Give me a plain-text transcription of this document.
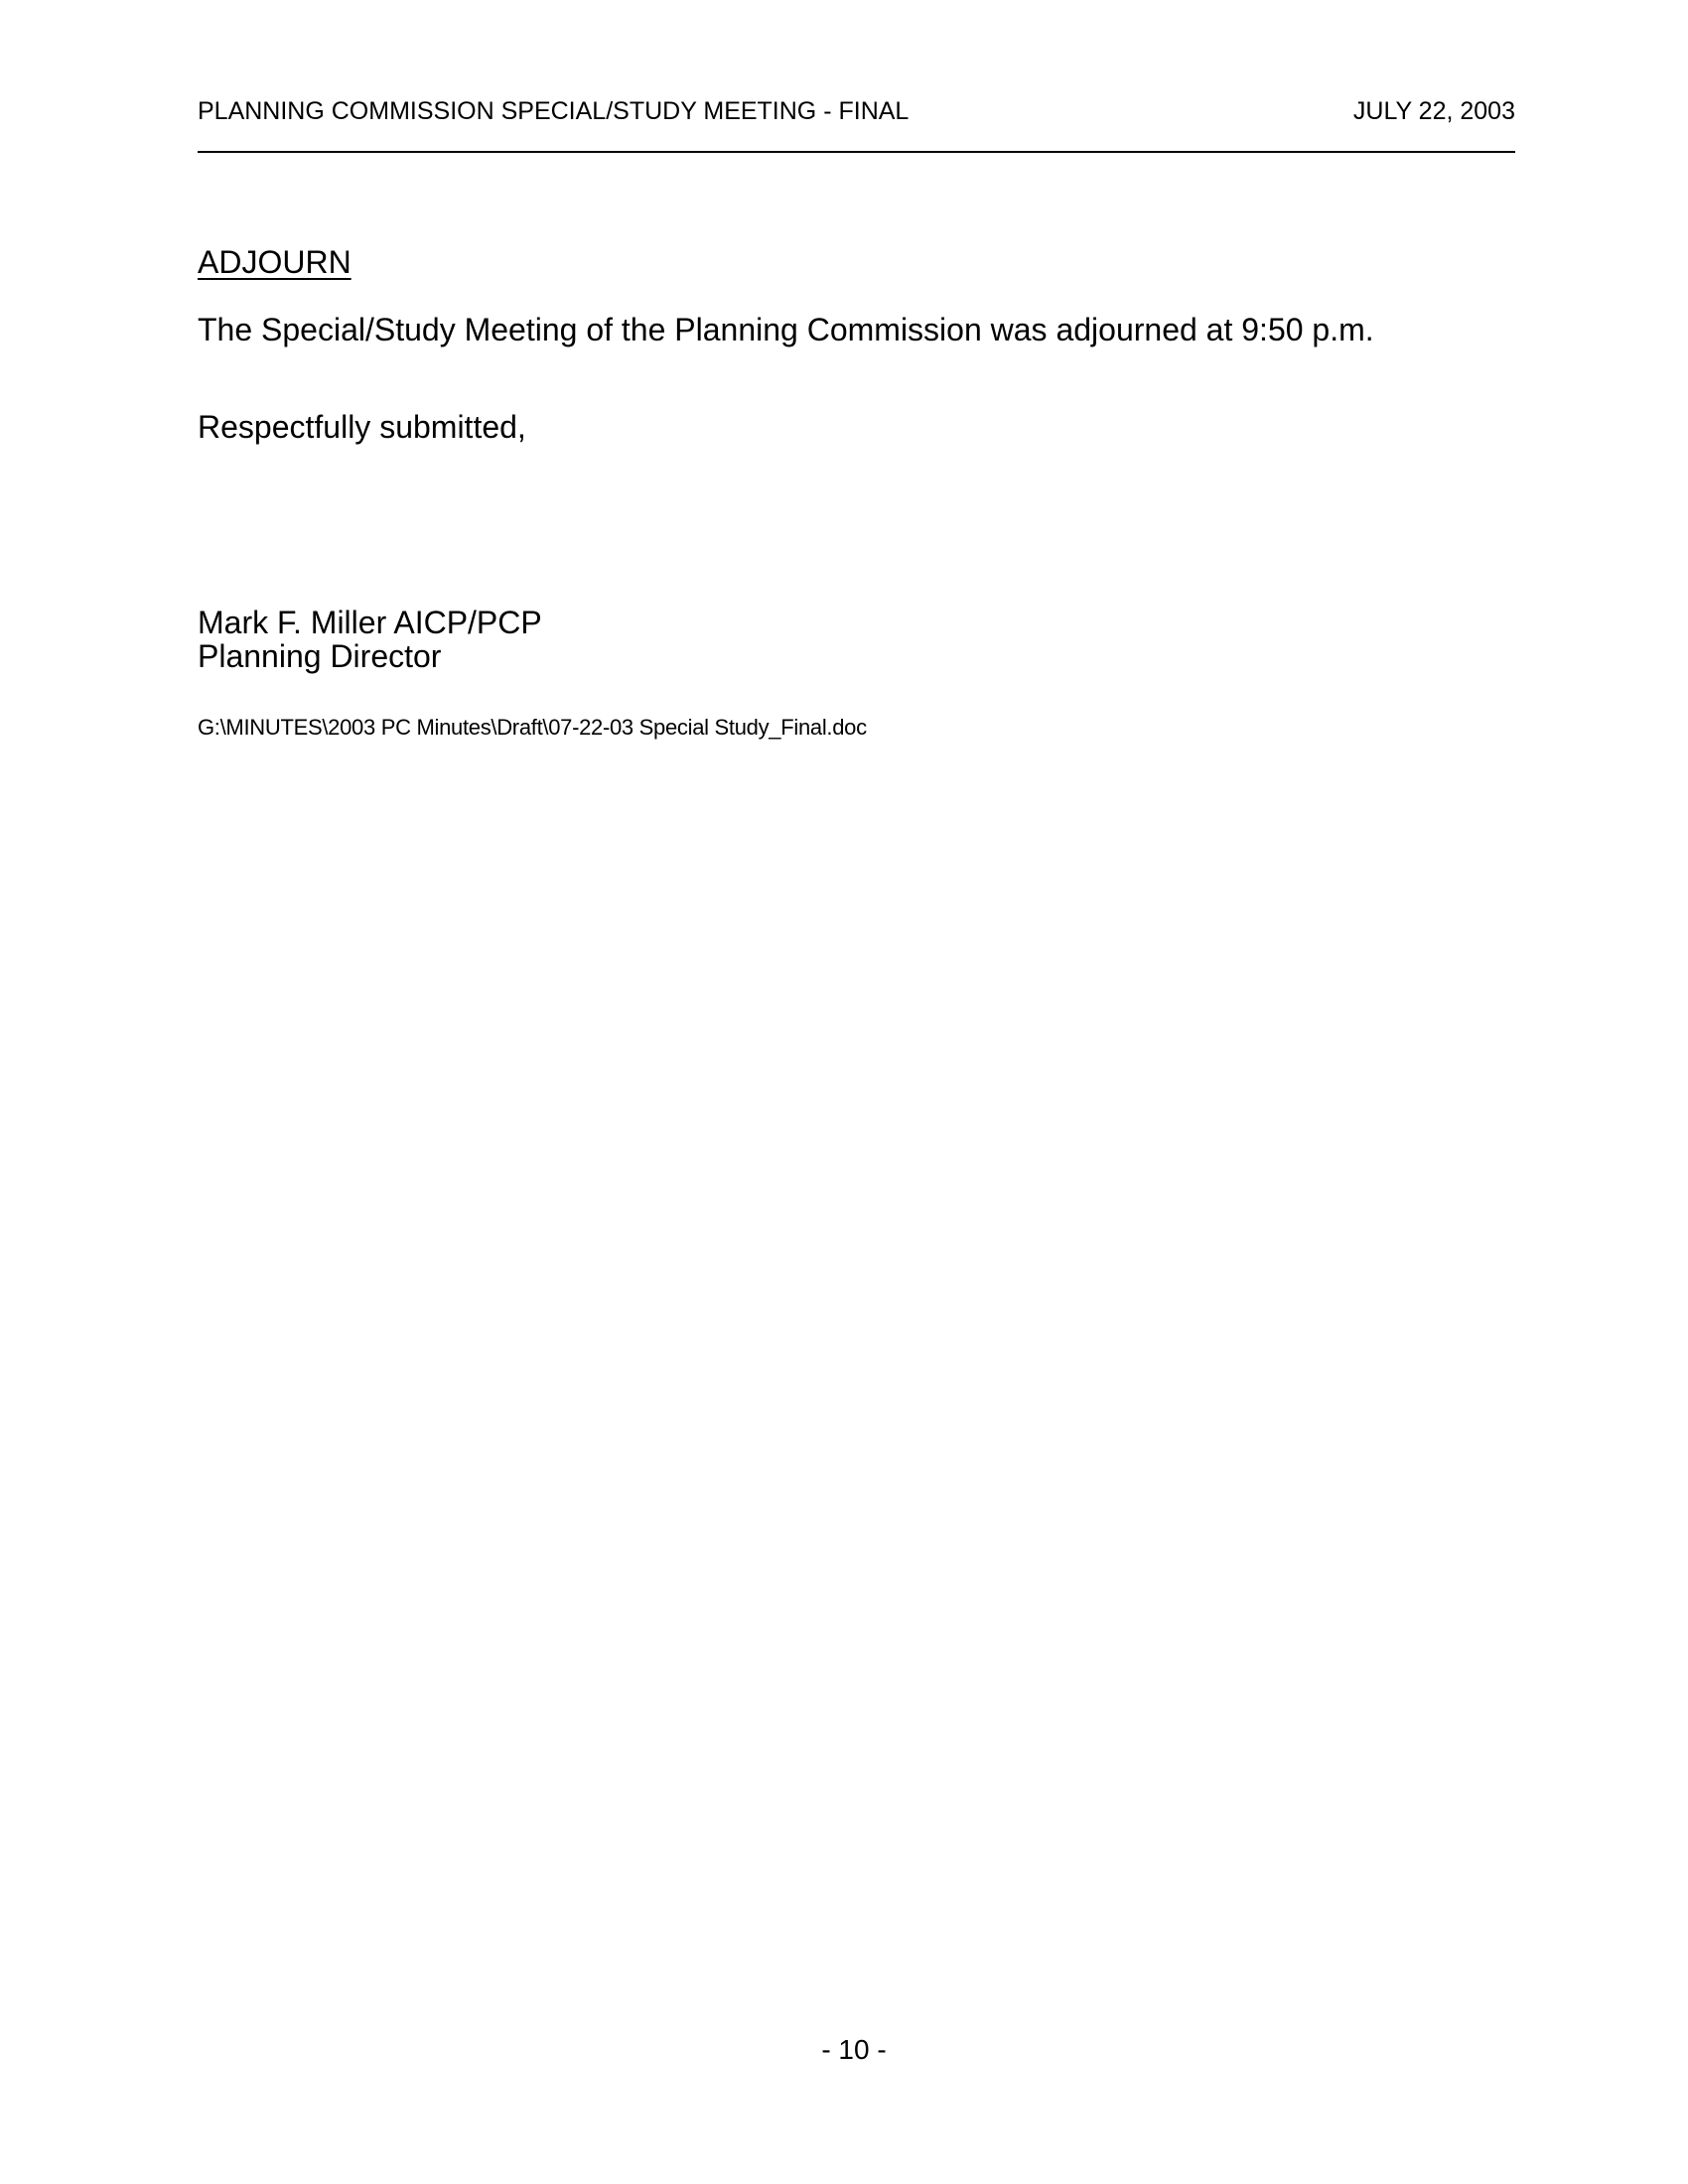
PLANNING COMMISSION SPECIAL/STUDY MEETING - FINAL	JULY 22, 2003
ADJOURN
The Special/Study Meeting of the Planning Commission was adjourned at 9:50 p.m.
Respectfully submitted,
Mark F. Miller AICP/PCP
Planning Director
G:\MINUTES\2003 PC Minutes\Draft\07-22-03 Special Study_Final.doc
- 10 -
